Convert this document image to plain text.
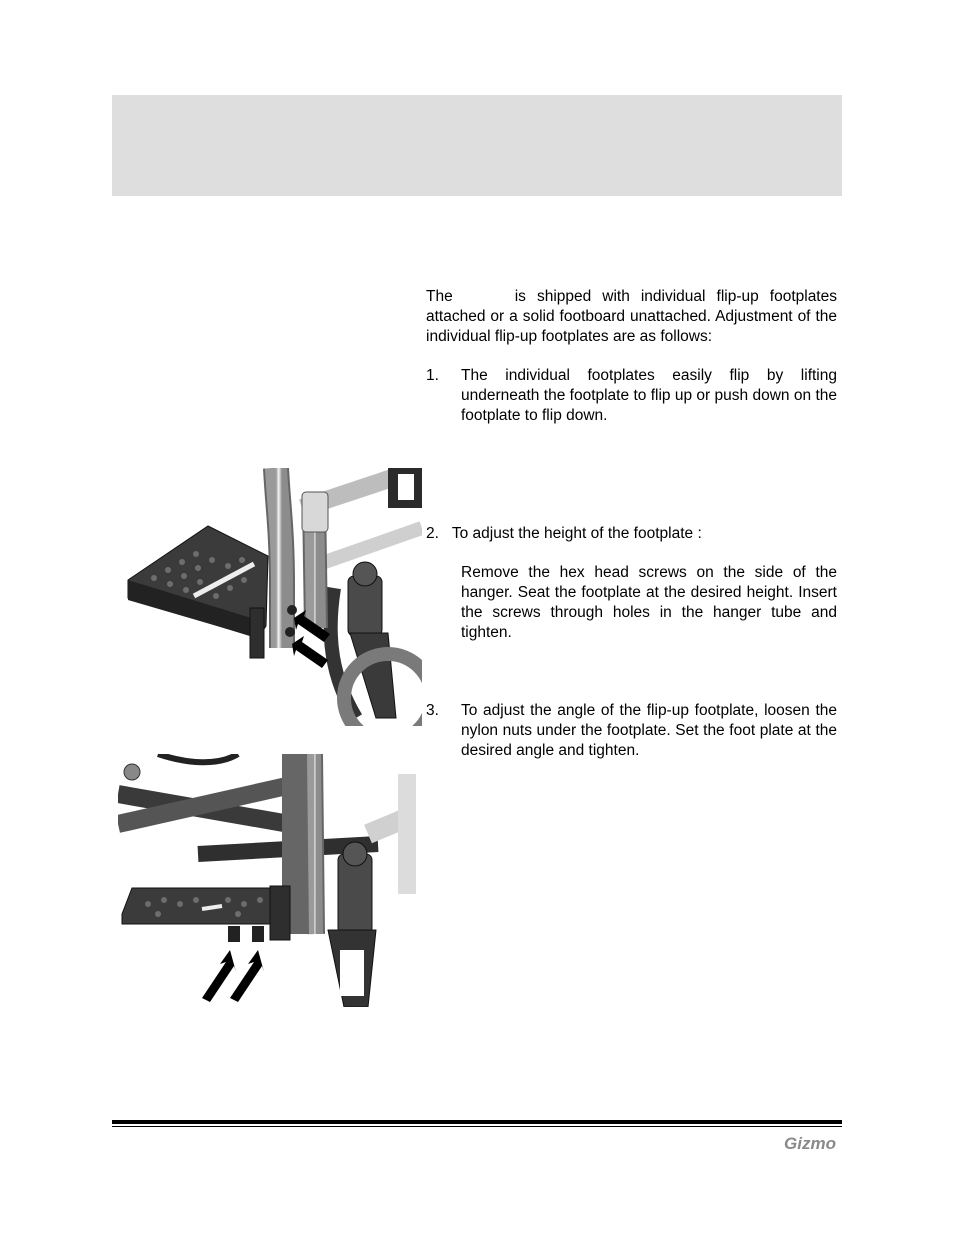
The	is shipped with individual flip-up footplates attached or a solid footboard unattached. Adjustment of the individual flip-up footplates are as follows:
1. The individual footplates easily flip by lifting underneath the footplate to flip up or push down on the footplate to flip down.
2. To adjust the height of the footplate :
Remove the hex head screws on the side of the hanger. Seat the footplate at the desired height. Insert the screws through holes in the hanger tube and tighten.
3. To adjust the angle of the flip-up footplate, loosen the nylon nuts under the footplate. Set the foot plate at the desired angle and tighten.
Gizmo
